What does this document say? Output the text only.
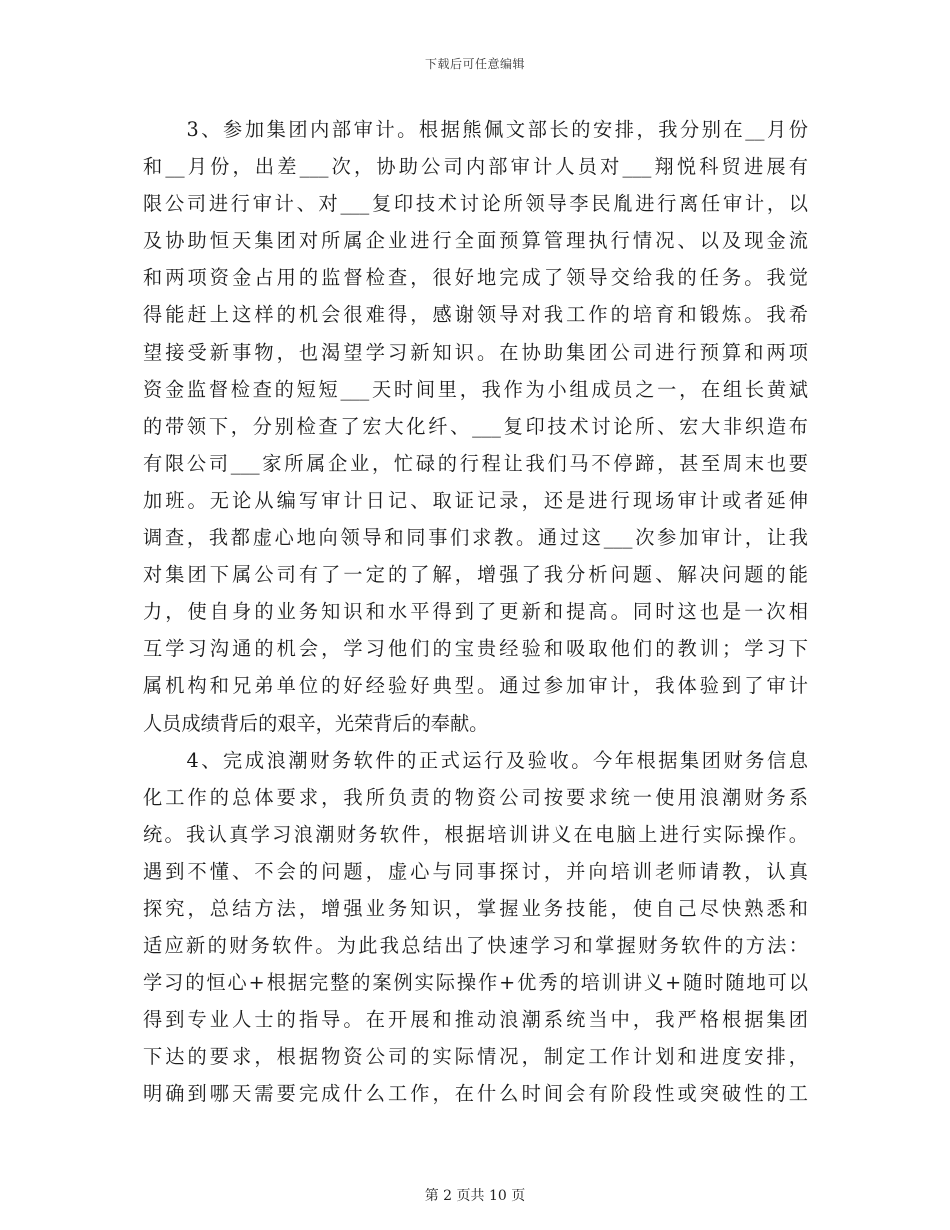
下载后可任意编辑
　　3、参加集团内部审计。根据熊佩文部长的安排，我分别在__月份
和__月份，出差___次，协助公司内部审计人员对___翔悦科贸进展有
限公司进行审计、对___复印技术讨论所领导李民胤进行离任审计，以
及协助恒天集团对所属企业进行全面预算管理执行情况、以及现金流
和两项资金占用的监督检查，很好地完成了领导交给我的任务。我觉
得能赶上这样的机会很难得，感谢领导对我工作的培育和锻炼。我希
望接受新事物，也渴望学习新知识。在协助集团公司进行预算和两项
资金监督检查的短短___天时间里，我作为小组成员之一，在组长黄斌
的带领下，分别检查了宏大化纤、___复印技术讨论所、宏大非织造布
有限公司___家所属企业，忙碌的行程让我们马不停蹄，甚至周末也要
加班。无论从编写审计日记、取证记录，还是进行现场审计或者延伸
调查，我都虚心地向领导和同事们求教。通过这___次参加审计，让我
对集团下属公司有了一定的了解，增强了我分析问题、解决问题的能
力，使自身的业务知识和水平得到了更新和提高。同时这也是一次相
互学习沟通的机会，学习他们的宝贵经验和吸取他们的教训；学习下
属机构和兄弟单位的好经验好典型。通过参加审计，我体验到了审计
人员成绩背后的艰辛，光荣背后的奉献。
　　4、完成浪潮财务软件的正式运行及验收。今年根据集团财务信息
化工作的总体要求，我所负责的物资公司按要求统一使用浪潮财务系
统。我认真学习浪潮财务软件，根据培训讲义在电脑上进行实际操作。
遇到不懂、不会的问题，虚心与同事探讨，并向培训老师请教，认真
探究，总结方法，增强业务知识，掌握业务技能，使自己尽快熟悉和
适应新的财务软件。为此我总结出了快速学习和掌握财务软件的方法：
学习的恒心+根据完整的案例实际操作+优秀的培训讲义+随时随地可以
得到专业人士的指导。在开展和推动浪潮系统当中，我严格根据集团
下达的要求，根据物资公司的实际情况，制定工作计划和进度安排，
明确到哪天需要完成什么工作，在什么时间会有阶段性或突破性的工
第 2 页共 10 页
